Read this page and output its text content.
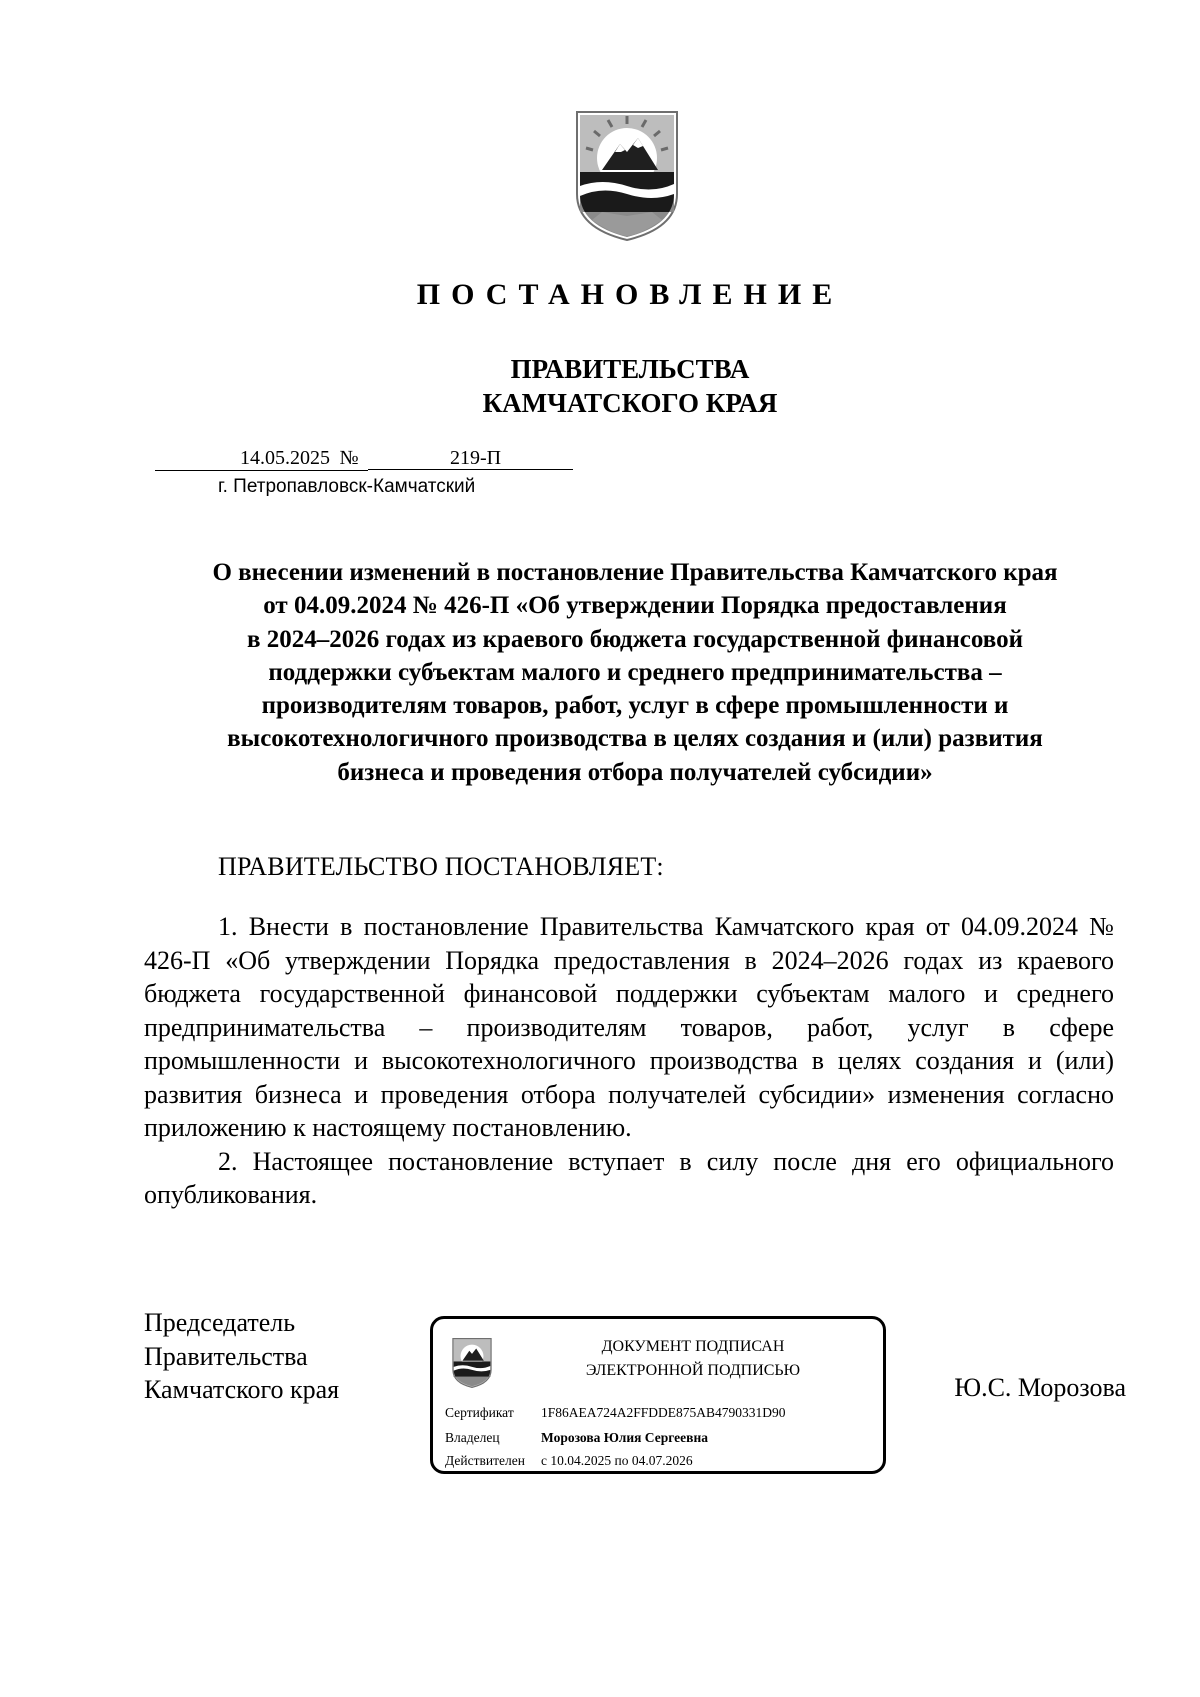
ПОСТАНОВЛЕНИЕ
ПРАВИТЕЛЬСТВА
КАМЧАТСКОГО КРАЯ
14.05.2025 №	219-П
г. Петропавловск-Камчатский
О внесении изменений в постановление Правительства Камчатского края
от 04.09.2024 № 426-П «Об утверждении Порядка предоставления
в 2024–2026 годах из краевого бюджета государственной финансовой
поддержки субъектам малого и среднего предпринимательства –
производителям товаров, работ, услуг в сфере промышленности и
высокотехнологичного производства в целях создания и (или) развития
бизнеса и проведения отбора получателей субсидии»
ПРАВИТЕЛЬСТВО ПОСТАНОВЛЯЕТ:

1. Внести в постановление Правительства Камчатского края от 04.09.2024 № 426-П «Об утверждении Порядка предоставления в 2024–2026 годах из краевого бюджета государственной финансовой поддержки субъектам малого и среднего предпринимательства – производителям товаров, работ, услуг в сфере промышленности и высокотехнологичного производства в целях создания и (или) развития бизнеса и проведения отбора получателей субсидии» изменения согласно приложению к настоящему постановлению.

2. Настоящее постановление вступает в силу после дня его официального опубликования.

Председатель
Правительства
Камчатского края
ДОКУМЕНТ ПОДПИСАН
ЭЛЕКТРОННОЙ ПОДПИСЬЮ
Сертификат 1F86AEA724A2FFDDE875AB4790331D90
Владелец	Морозова Юлия Сергеевна
Действителен с 10.04.2025 по 04.07.2026
Ю.С. Морозова
